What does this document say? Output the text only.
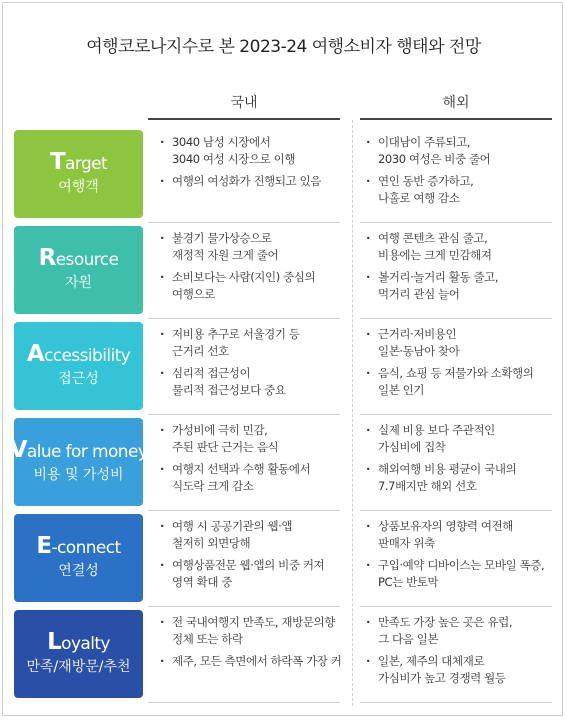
여행코로나지수로 본 2023-24 여행소비자 행태와 전망
국내	해외
Target
여행객
· 3040 남성 시장에서
3040 여성 시장으로 이행
· 여행의 여성화가 진행되고 있음
· 이대남이 주류되고,
2030 여성은 비중 줄어
· 연인 동반 증가하고,
나홀로 여행 감소
Resource
자원
· 불경기 물가상승으로
재정적 자원 크게 줄어
· 소비보다는 사람(지인) 중심의
여행으로
· 여행 콘텐츠 관심 줄고,
비용에는 크게 민감해져
· 볼거리·놀거리 활동 줄고,
먹거리 관심 늘어
Accessibility
접근성
· 저비용 추구로 서울경기 등
근거리 선호
· 심리적 접근성이
물리적 접근성보다 중요
· 근거리·저비용인
일본·동남아 찾아
· 음식, 쇼핑 등 저물가와 소확행의
일본 인기
Value for money
비용 및 가성비
· 가성비에 극히 민감,
주된 판단 근거는 음식
· 여행지 선택과 수행 활동에서
식도락 크게 감소
· 실제 비용 보다 주관적인
가심비에 집착
· 해외여행 비용 평균이 국내의
7.7배지만 해외 선호
E-connect
연결성
· 여행 시 공공기관의 웹·앱
철저히 외면당해
· 여행상품전문 웹·앱의 비중 커져
영역 확대 중
· 상품보유자의 영향력 여전해
판매자 위축
· 구입·예약 디바이스는 모바일 폭증,
PC는 반토막
Loyalty
만족/재방문/추천
· 전 국내여행지 만족도, 재방문의향
정체 또는 하락
· 제주, 모든 측면에서 하락폭 가장 커
· 만족도 가장 높은 곳은 유럽,
그 다음 일본
· 일본, 제주의 대체재로
가심비가 높고 경쟁력 월등
